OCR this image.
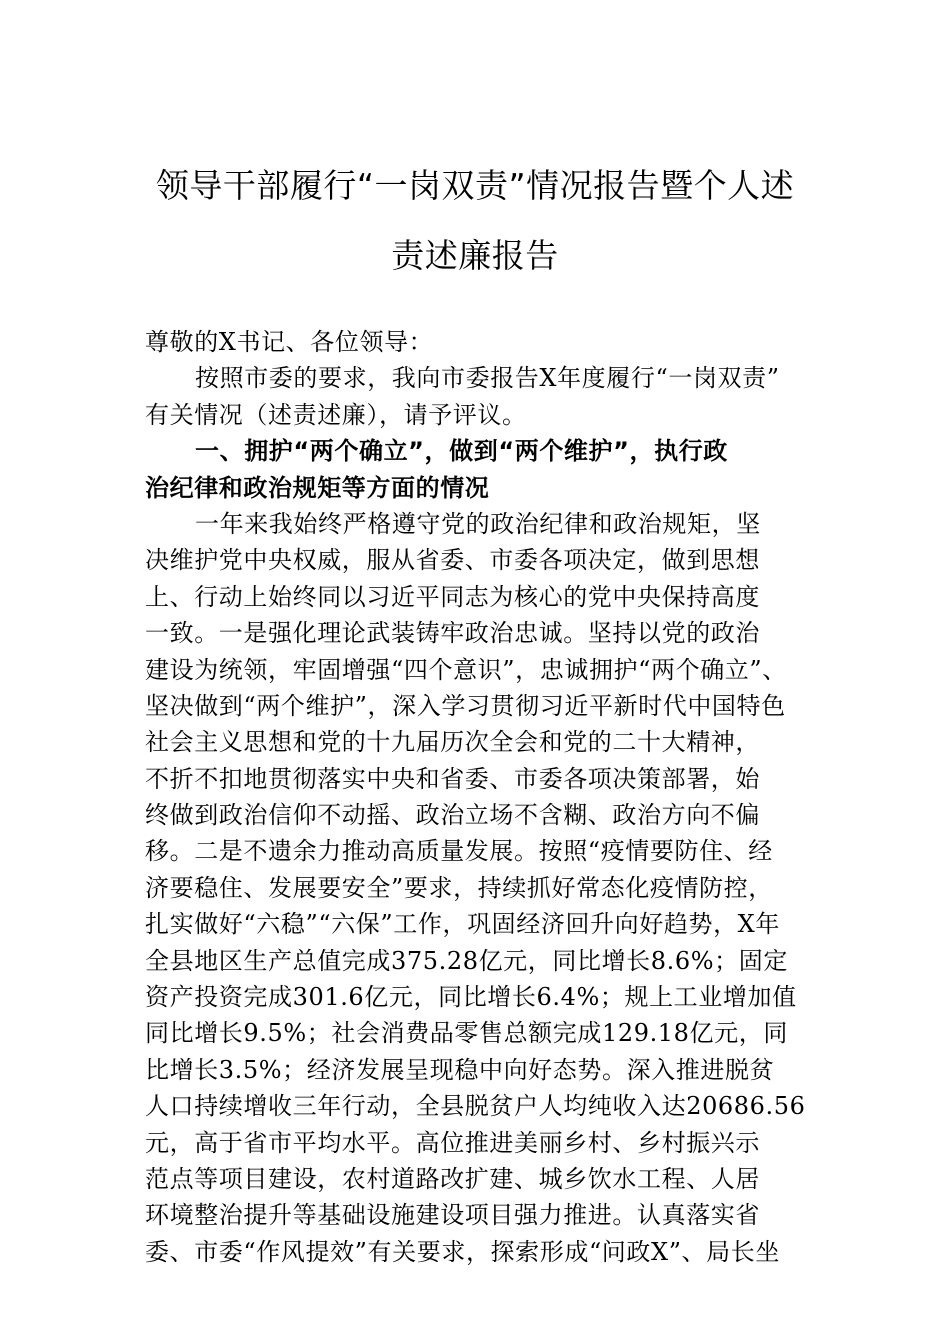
领导干部履行“一岗双责”情况报告暨个人述
责述廉报告
尊敬的X书记、各位领导：
按照市委的要求，我向市委报告X年度履行“一岗双责”
有关情况（述责述廉），请予评议。
一、拥护“两个确立”，做到“两个维护”，执行政
治纪律和政治规矩等方面的情况
一年来我始终严格遵守党的政治纪律和政治规矩，坚
决维护党中央权威，服从省委、市委各项决定，做到思想
上、行动上始终同以习近平同志为核心的党中央保持高度
一致。一是强化理论武装铸牢政治忠诚。坚持以党的政治
建设为统领，牢固增强“四个意识”，忠诚拥护“两个确立”、
坚决做到“两个维护”，深入学习贯彻习近平新时代中国特色
社会主义思想和党的十九届历次全会和党的二十大精神，
不折不扣地贯彻落实中央和省委、市委各项决策部署，始
终做到政治信仰不动摇、政治立场不含糊、政治方向不偏
移。二是不遗余力推动高质量发展。按照“疫情要防住、经
济要稳住、发展要安全”要求，持续抓好常态化疫情防控，
扎实做好“六稳”“六保”工作，巩固经济回升向好趋势，X年
全县地区生产总值完成375.28亿元，同比增长8.6%；固定
资产投资完成301.6亿元，同比增长6.4%；规上工业增加值
同比增长9.5%；社会消费品零售总额完成129.18亿元，同
比增长3.5%；经济发展呈现稳中向好态势。深入推进脱贫
人口持续增收三年行动，全县脱贫户人均纯收入达20686.56
元，高于省市平均水平。高位推进美丽乡村、乡村振兴示
范点等项目建设，农村道路改扩建、城乡饮水工程、人居
环境整治提升等基础设施建设项目强力推进。认真落实省
委、市委“作风提效”有关要求，探索形成“问政X”、局长坐
